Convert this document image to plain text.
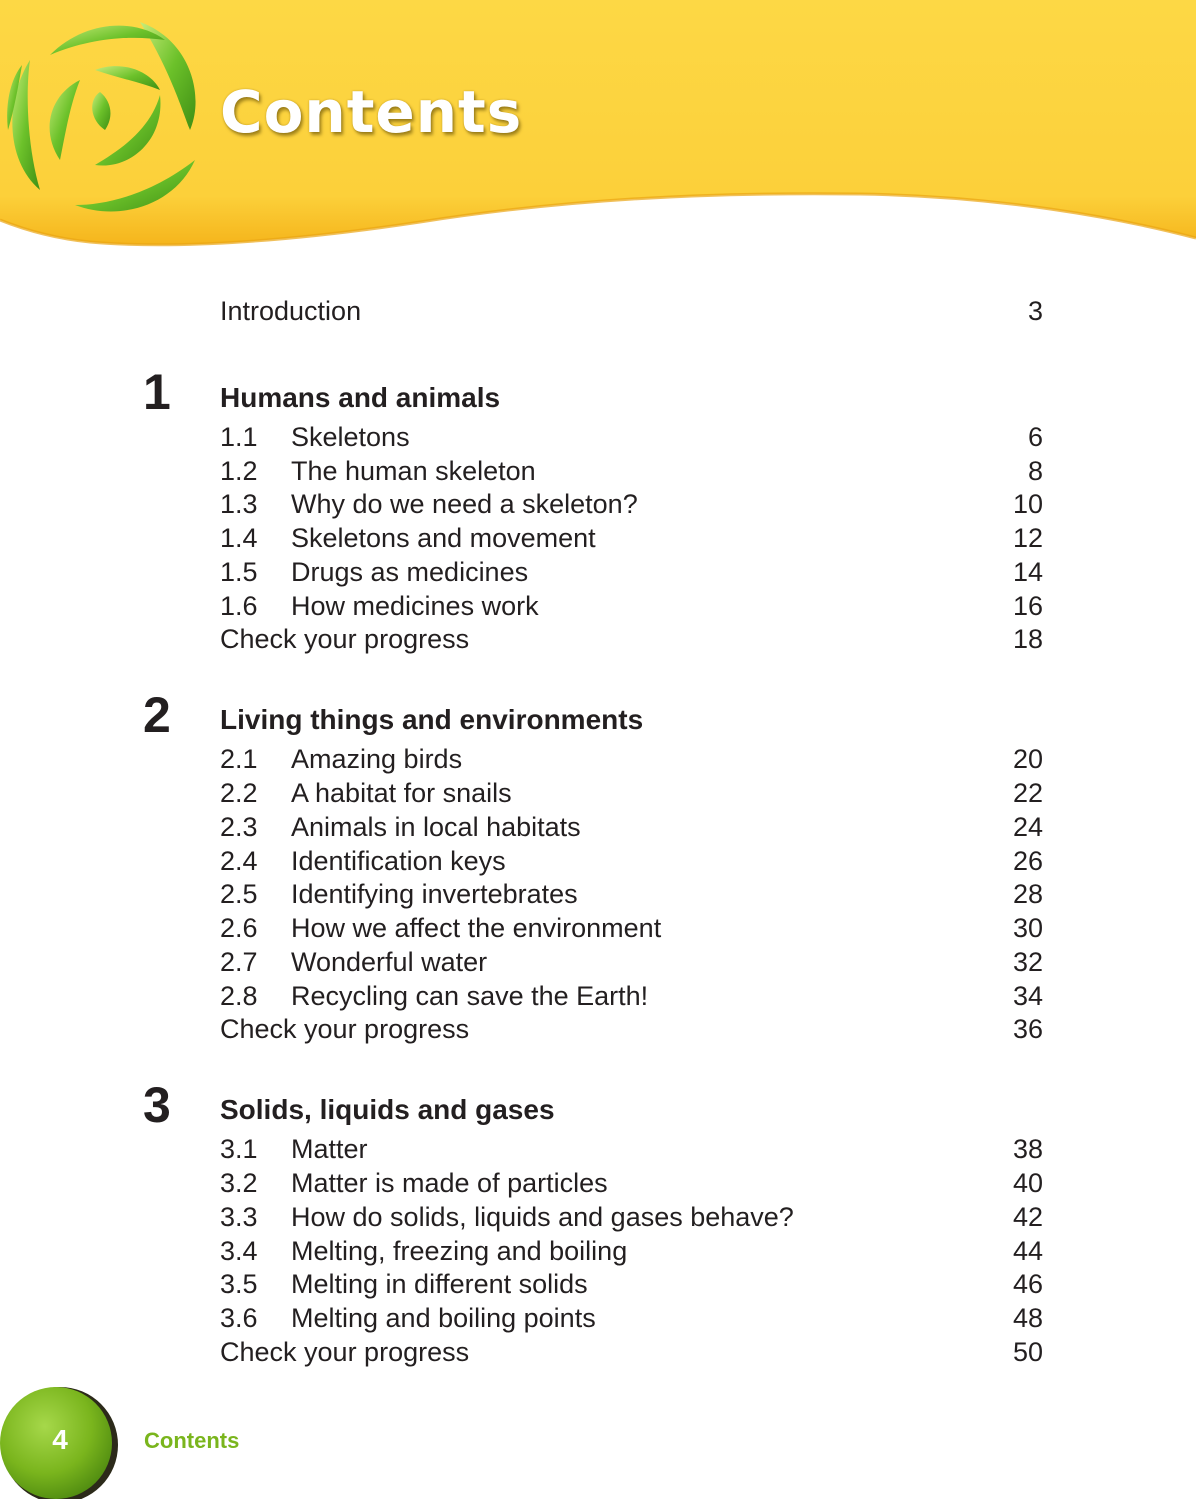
Contents
Introduction	3
1 Humans and animals
1.1 Skeletons	6
1.2 The human skeleton	8
1.3 Why do we need a skeleton?	10
1.4 Skeletons and movement	12
1.5 Drugs as medicines	14
1.6 How medicines work	16
Check your progress	18
2 Living things and environments
2.1 Amazing birds	20
2.2 A habitat for snails	22
2.3 Animals in local habitats	24
2.4 Identification keys	26
2.5 Identifying invertebrates	28
2.6 How we affect the environment	30
2.7 Wonderful water	32
2.8 Recycling can save the Earth!	34
Check your progress	36
3 Solids, liquids and gases
3.1 Matter	38
3.2 Matter is made of particles	40
3.3 How do solids, liquids and gases behave?	42
3.4 Melting, freezing and boiling	44
3.5 Melting in different solids	46
3.6 Melting and boiling points	48
Check your progress	50
4	Contents
